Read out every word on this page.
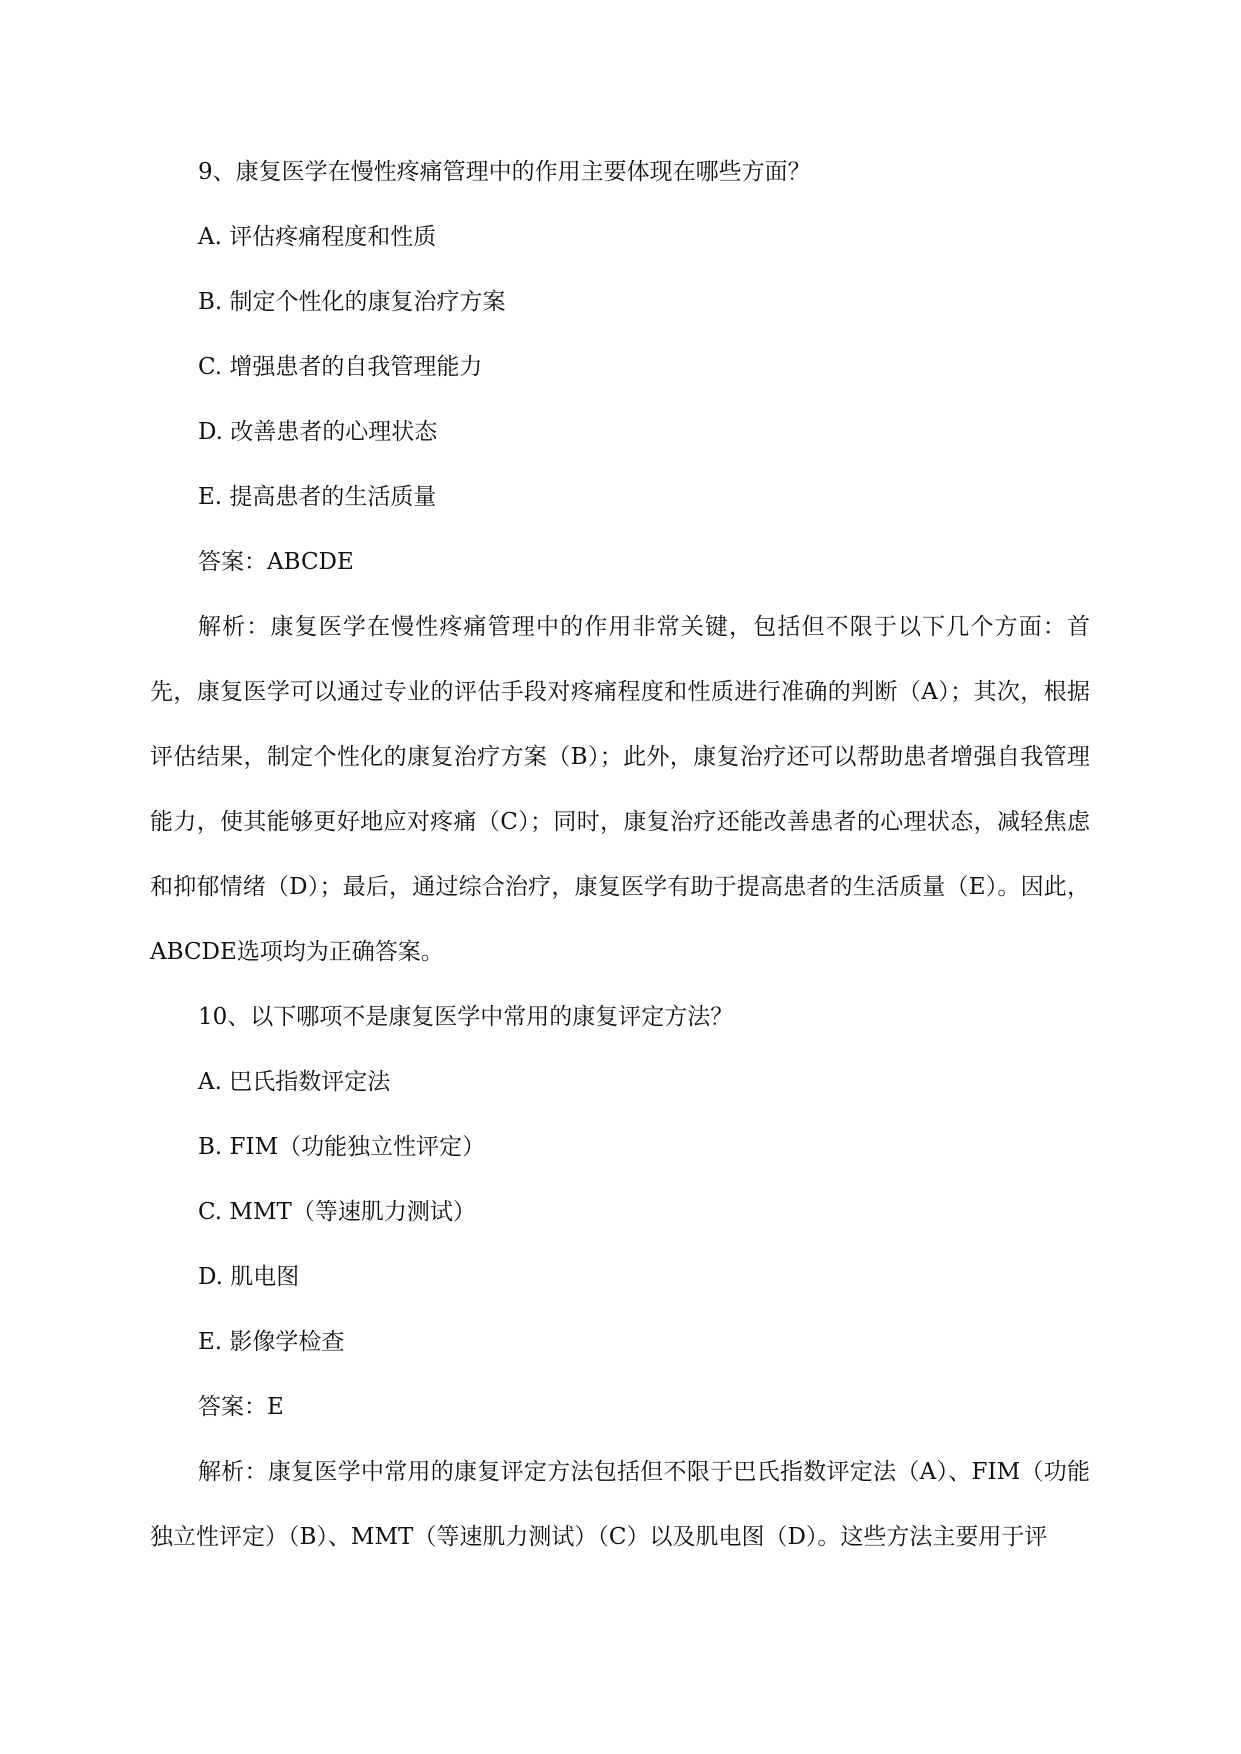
9、康复医学在慢性疼痛管理中的作用主要体现在哪些方面？
A. 评估疼痛程度和性质
B. 制定个性化的康复治疗方案
C. 增强患者的自我管理能力
D. 改善患者的心理状态
E. 提高患者的生活质量
答案：ABCDE

解析：康复医学在慢性疼痛管理中的作用非常关键，包括但不限于以下几个方面：首先，康复医学可以通过专业的评估手段对疼痛程度和性质进行准确的判断（A）；其次，根据评估结果，制定个性化的康复治疗方案（B）；此外，康复治疗还可以帮助患者增强自我管理能力，使其能够更好地应对疼痛（C）；同时，康复治疗还能改善患者的心理状态，减轻焦虑和抑郁情绪（D）；最后，通过综合治疗，康复医学有助于提高患者的生活质量（E）。因此，ABCDE选项均为正确答案。

10、以下哪项不是康复医学中常用的康复评定方法？
A. 巴氏指数评定法
B. FIM（功能独立性评定）
C. MMT（等速肌力测试）
D. 肌电图
E. 影像学检查
答案：E

解析：康复医学中常用的康复评定方法包括但不限于巴氏指数评定法（A）、FIM（功能独立性评定）（B）、MMT（等速肌力测试）（C）以及肌电图（D）。这些方法主要用于评
